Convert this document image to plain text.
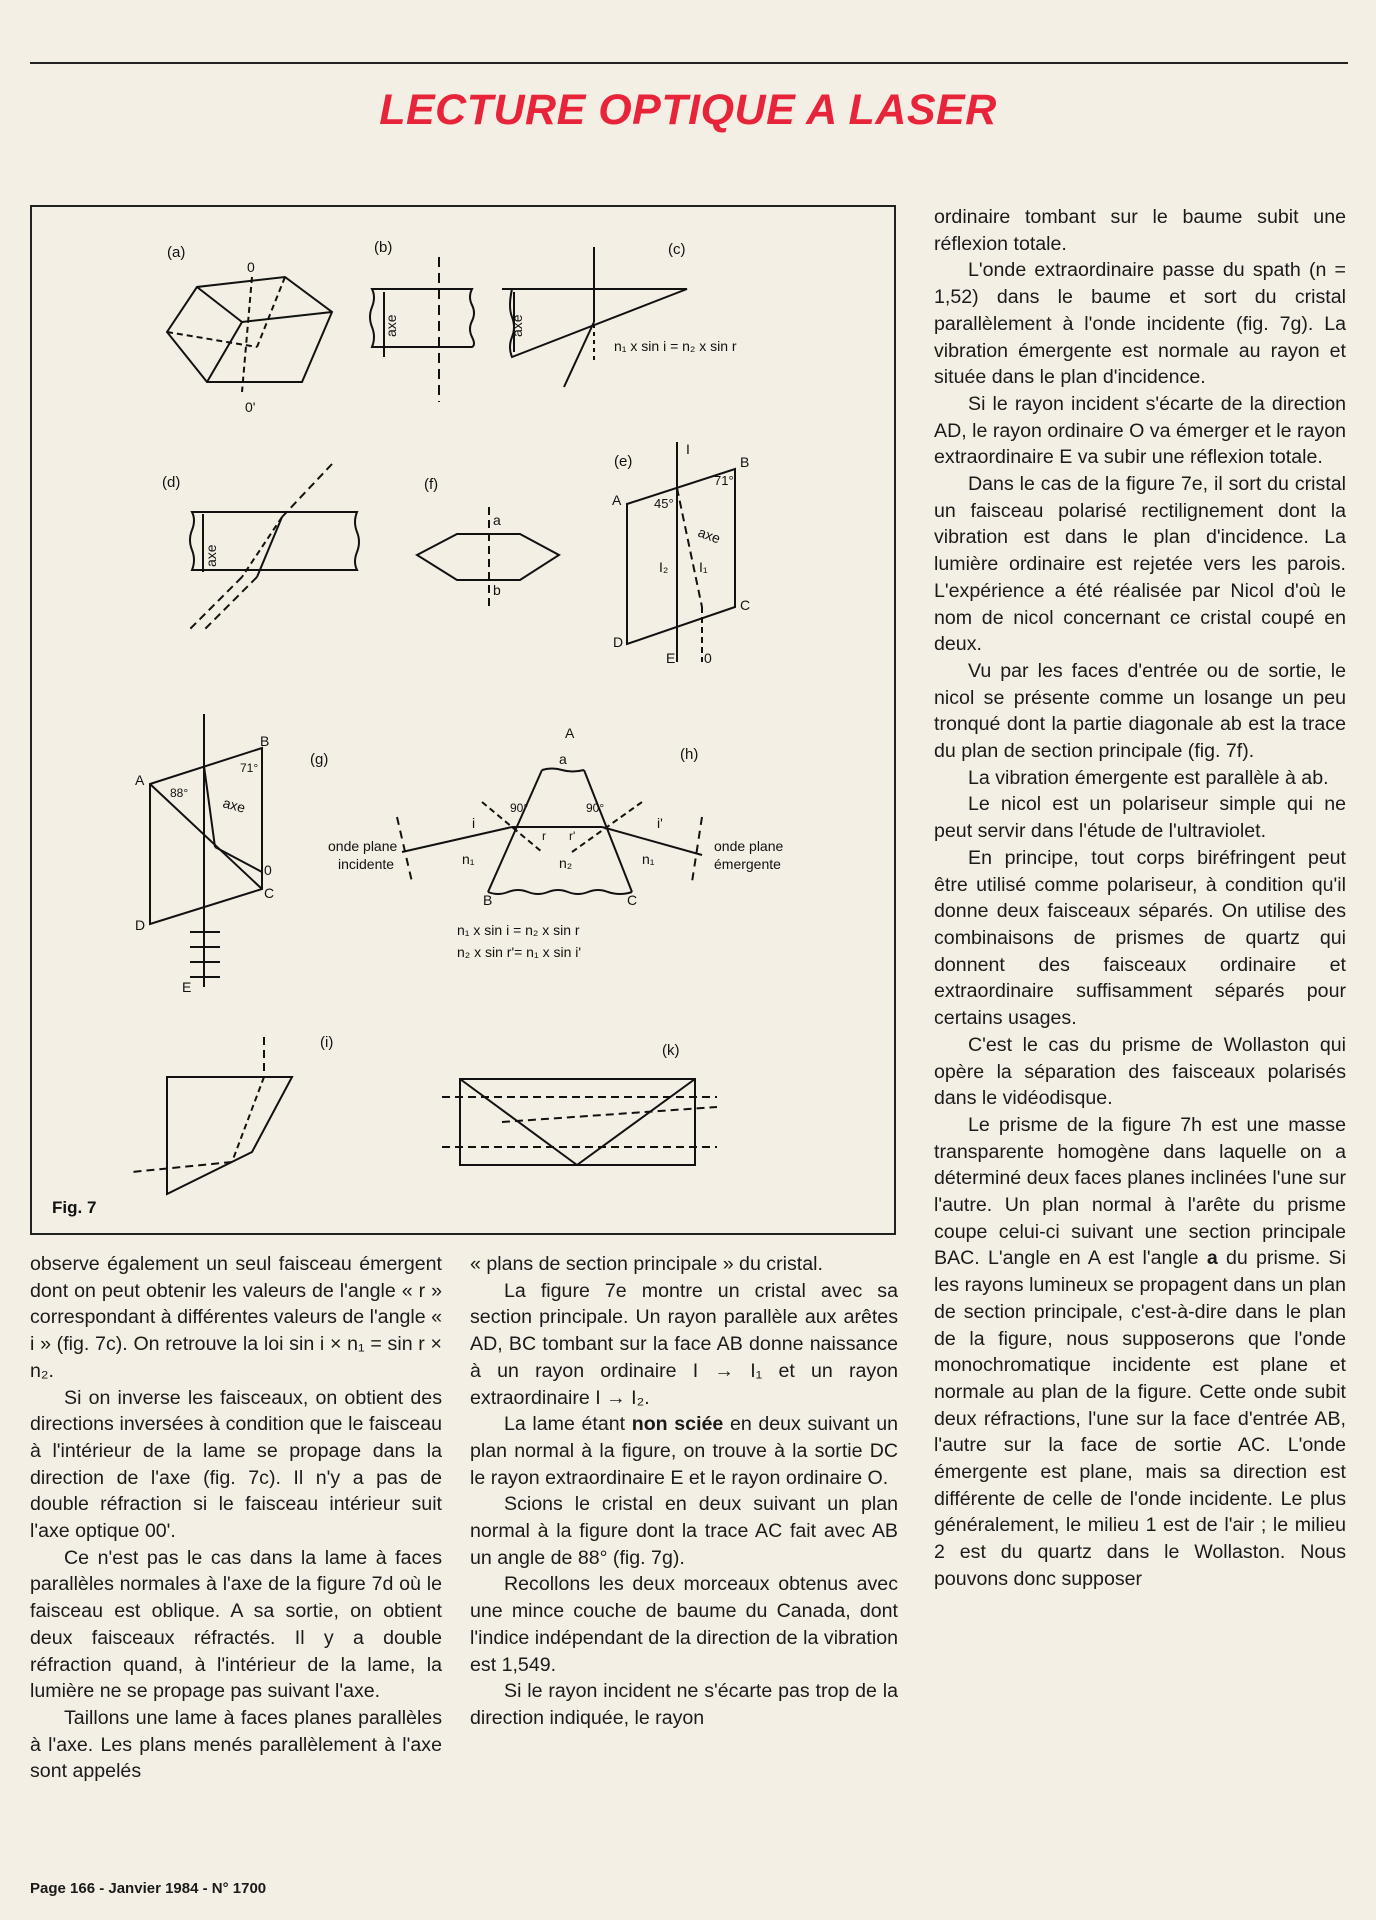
LECTURE OPTIQUE A LASER
(a)
0
0'
(b)
axe
(c)
axe
n₁ x sin i = n₂ x sin r
(d)
axe
(f)
a
b
(e)
I
B
A	45°
71°
axe
I₂ I₁
C
D
E 0
(g)
A
B
88°
71°
axe
0
C
D
E
(h)
A
a
90°	90°
i	i'
r r'
onde plane
incidente	n₁	n₂	n₁
onde plane
émergente
B	C
n₁ x sin i = n₂ x sin r
n₂ x sin r'= n₁ x sin i'
(i)	(k)
Fig. 7

observe également un seul faisceau émergent dont on peut obtenir les valeurs de l'angle « r » correspondant à différentes valeurs de l'angle « i » (fig. 7c). On retrouve la loi sin i × n₁ = sin r × n₂.

Si on inverse les faisceaux, on obtient des directions inversées à condition que le faisceau à l'intérieur de la lame se propage dans la direction de l'axe (fig. 7c). Il n'y a pas de double réfraction si le faisceau intérieur suit l'axe optique 00'.

Ce n'est pas le cas dans la lame à faces parallèles normales à l'axe de la figure 7d où le faisceau est oblique. A sa sortie, on obtient deux faisceaux réfractés. Il y a double réfraction quand, à l'intérieur de la lame, la lumière ne se propage pas suivant l'axe.

Taillons une lame à faces planes parallèles à l'axe. Les plans menés parallèlement à l'axe sont appelés

« plans de section principale » du cristal.

La figure 7e montre un cristal avec sa section principale. Un rayon parallèle aux arêtes AD, BC tombant sur la face AB donne naissance à un rayon ordinaire I → I₁ et un rayon extraordinaire I → I₂.

La lame étant non sciée en deux suivant un plan normal à la figure, on trouve à la sortie DC le rayon extraordinaire E et le rayon ordinaire O.

Scions le cristal en deux suivant un plan normal à la figure dont la trace AC fait avec AB un angle de 88° (fig. 7g).

Recollons les deux morceaux obtenus avec une mince couche de baume du Canada, dont l'indice indépendant de la direction de la vibration est 1,549.

Si le rayon incident ne s'écarte pas trop de la direction indiquée, le rayon

ordinaire tombant sur le baume subit une réflexion totale.

L'onde extraordinaire passe du spath (n = 1,52) dans le baume et sort du cristal parallèlement à l'onde incidente (fig. 7g). La vibration émergente est normale au rayon et située dans le plan d'incidence.

Si le rayon incident s'écarte de la direction AD, le rayon ordinaire O va émerger et le rayon extraordinaire E va subir une réflexion totale.

Dans le cas de la figure 7e, il sort du cristal un faisceau polarisé rectilignement dont la vibration est dans le plan d'incidence. La lumière ordinaire est rejetée vers les parois. L'expérience a été réalisée par Nicol d'où le nom de nicol concernant ce cristal coupé en deux.

Vu par les faces d'entrée ou de sortie, le nicol se présente comme un losange un peu tronqué dont la partie diagonale ab est la trace du plan de section principale (fig. 7f).

La vibration émergente est parallèle à ab.

Le nicol est un polariseur simple qui ne peut servir dans l'étude de l'ultraviolet.

En principe, tout corps biréfringent peut être utilisé comme polariseur, à condition qu'il donne deux faisceaux séparés. On utilise des combinaisons de prismes de quartz qui donnent des faisceaux ordinaire et extraordinaire suffisamment séparés pour certains usages.

C'est le cas du prisme de Wollaston qui opère la séparation des faisceaux polarisés dans le vidéodisque.

Le prisme de la figure 7h est une masse transparente homogène dans laquelle on a déterminé deux faces planes inclinées l'une sur l'autre. Un plan normal à l'arête du prisme coupe celui-ci suivant une section principale BAC. L'angle en A est l'angle a du prisme. Si les rayons lumineux se propagent dans un plan de section principale, c'est-à-dire dans le plan de la figure, nous supposerons que l'onde monochromatique incidente est plane et normale au plan de la figure. Cette onde subit deux réfractions, l'une sur la face d'entrée AB, l'autre sur la face de sortie AC. L'onde émergente est plane, mais sa direction est différente de celle de l'onde incidente. Le plus généralement, le milieu 1 est de l'air ; le milieu 2 est du quartz dans le Wollaston. Nous pouvons donc supposer

Page 166 - Janvier 1984 - N° 1700
